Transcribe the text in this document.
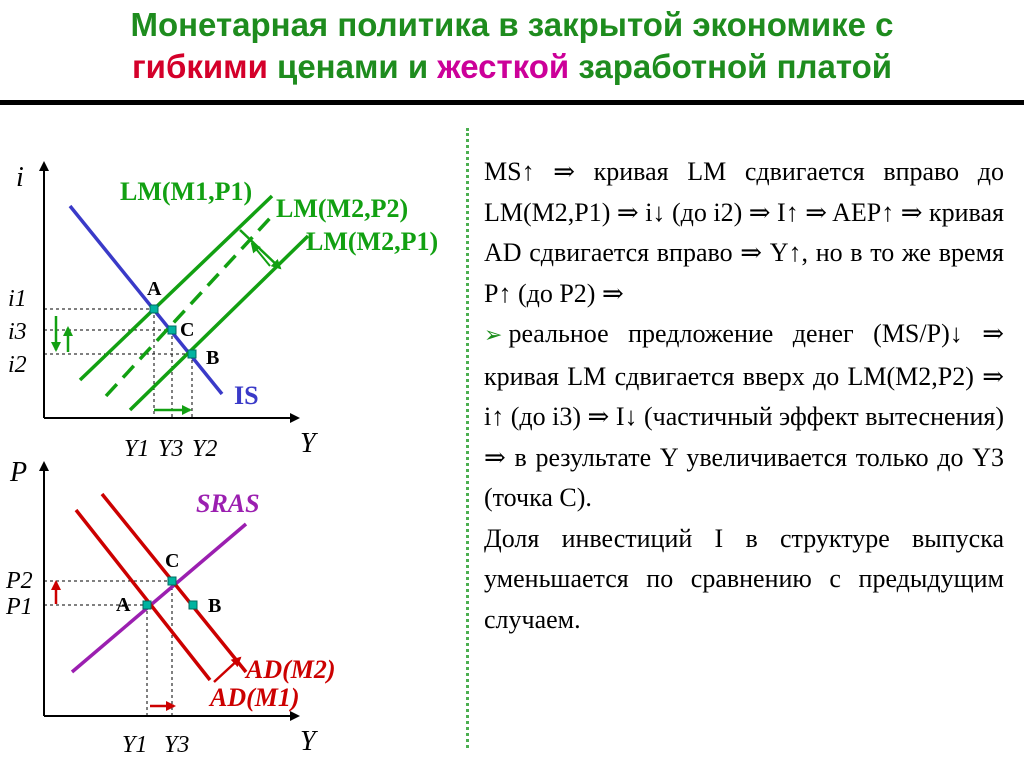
Монетарная политика в закрытой экономике с
гибкими ценами и жесткой заработной платой
i
Y
A
C
B
LM(M1,P1)
LM(M2,P2)
LM(M2,P1)
IS
i1
i3
i2
Y1 Y3 Y2
P
Y
A
C
B
SRAS
AD(M2)
AD(M1)
P2
P1
Y1 Y3

MS↑ ⇒ кривая LM сдвигается вправо до LM(M2,P1) ⇒ i↓ (до i2) ⇒ I↑ ⇒ AEP↑ ⇒ кривая AD сдвигается вправо ⇒ Y↑, но в то же время P↑ (до P2) ⇒

➢ реальное предложение денег (MS/P)↓ ⇒ кривая LM сдвигается вверх до LM(M2,P2) ⇒ i↑ (до i3) ⇒ I↓ (частичный эффект вытеснения) ⇒ в результате Y увеличивается только до Y3 (точка C).

Доля инвестиций I в структуре выпуска уменьшается по сравнению с предыдущим случаем.
